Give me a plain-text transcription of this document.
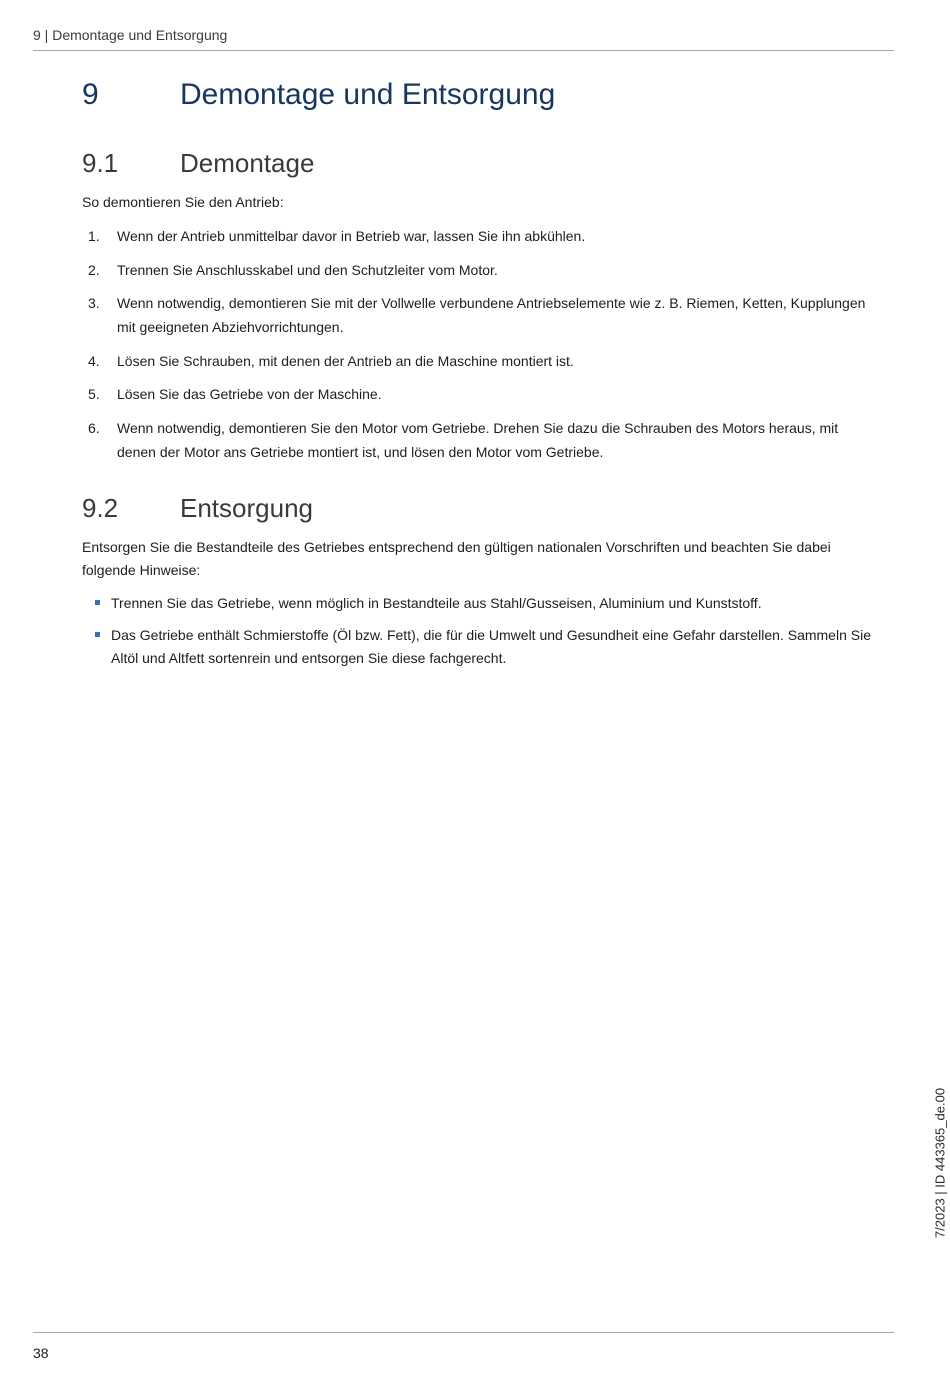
9 | Demontage und Entsorgung
9	Demontage und Entsorgung
9.1 Demontage
So demontieren Sie den Antrieb:
1. Wenn der Antrieb unmittelbar davor in Betrieb war, lassen Sie ihn abkühlen.
2. Trennen Sie Anschlusskabel und den Schutzleiter vom Motor.
3. Wenn notwendig, demontieren Sie mit der Vollwelle verbundene Antriebselemente wie z. B. Riemen, Ketten, Kupplungen mit geeigneten Abziehvorrichtungen.
4. Lösen Sie Schrauben, mit denen der Antrieb an die Maschine montiert ist.
5. Lösen Sie das Getriebe von der Maschine.
6. Wenn notwendig, demontieren Sie den Motor vom Getriebe. Drehen Sie dazu die Schrauben des Motors heraus, mit denen der Motor ans Getriebe montiert ist, und lösen den Motor vom Getriebe.
9.2 Entsorgung
Entsorgen Sie die Bestandteile des Getriebes entsprechend den gültigen nationalen Vorschriften und beachten Sie dabei folgende Hinweise:
Trennen Sie das Getriebe, wenn möglich in Bestandteile aus Stahl/Gusseisen, Aluminium und Kunststoff.
Das Getriebe enthält Schmierstoffe (Öl bzw. Fett), die für die Umwelt und Gesundheit eine Gefahr darstellen. Sammeln Sie Altöl und Altfett sortenrein und entsorgen Sie diese fachgerecht.
7/2023 | ID 443365_de.00
38
